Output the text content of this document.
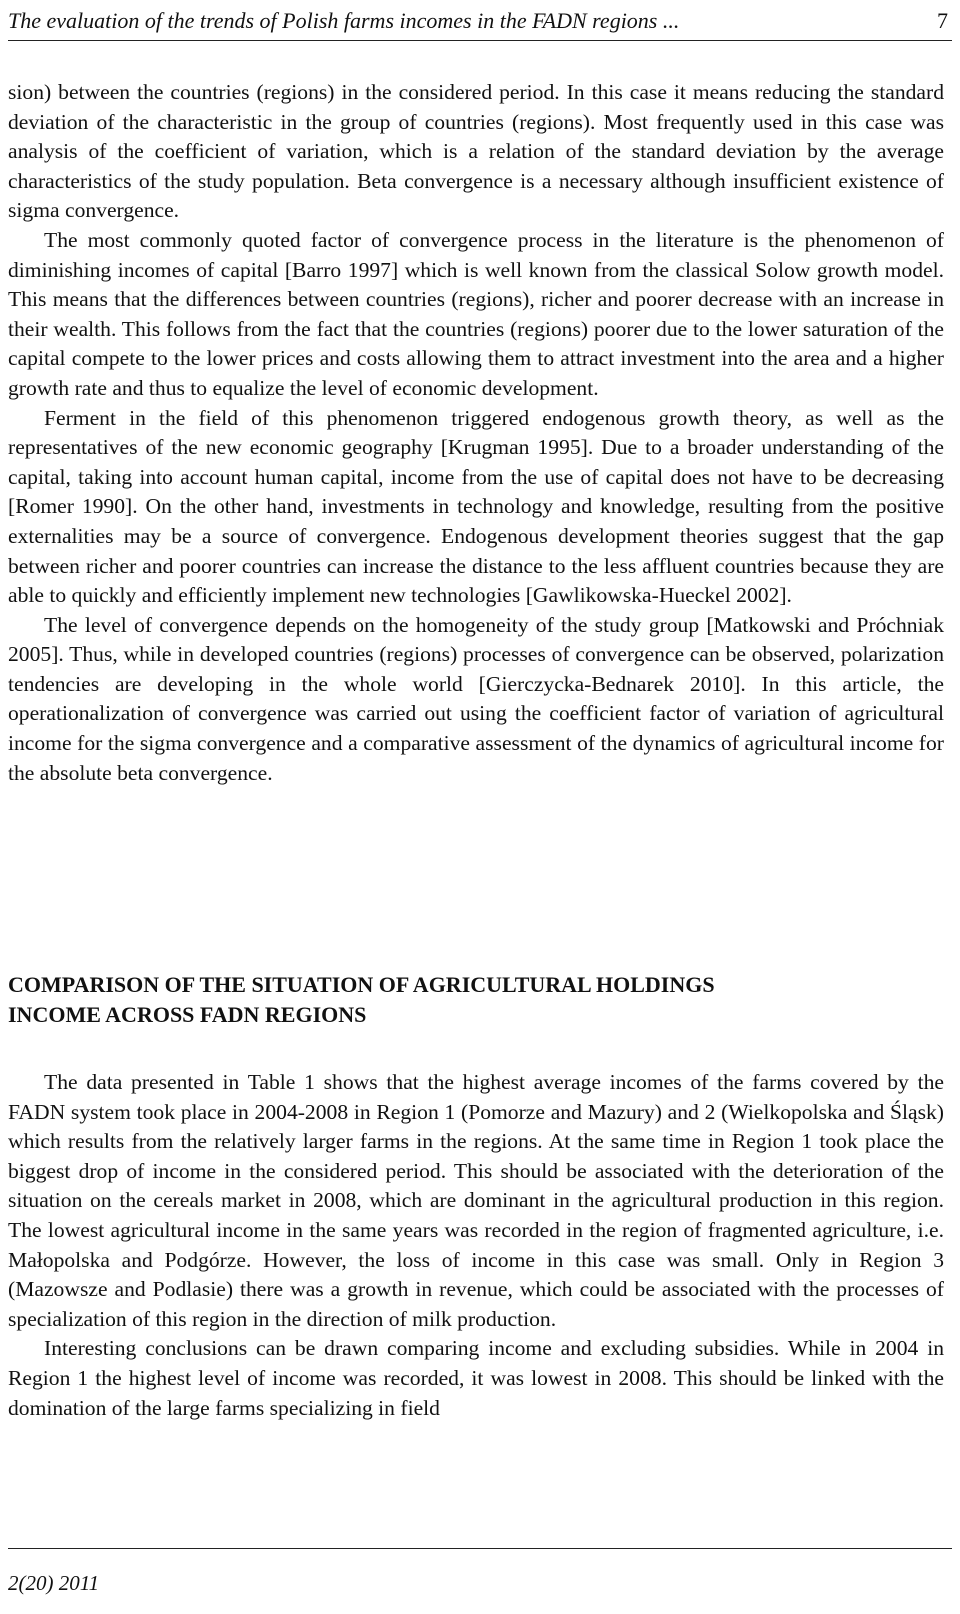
The evaluation of the trends of Polish farms incomes in the FADN regions ...	7

sion) between the countries (regions) in the considered period. In this case it means reducing the standard deviation of the characteristic in the group of countries (regions). Most frequently used in this case was analysis of the coefficient of variation, which is a relation of the standard deviation by the average characteristics of the study population. Beta convergence is a necessary although insufficient existence of sigma convergence.

The most commonly quoted factor of convergence process in the literature is the phenomenon of diminishing incomes of capital [Barro 1997] which is well known from the classical Solow growth model. This means that the differences between countries (regions), richer and poorer decrease with an increase in their wealth. This follows from the fact that the countries (regions) poorer due to the lower saturation of the capital compete to the lower prices and costs allowing them to attract investment into the area and a higher growth rate and thus to equalize the level of economic development.

Ferment in the field of this phenomenon triggered endogenous growth theory, as well as the representatives of the new economic geography [Krugman 1995]. Due to a broader understanding of the capital, taking into account human capital, income from the use of capital does not have to be decreasing [Romer 1990]. On the other hand, investments in technology and knowledge, resulting from the positive externalities may be a source of convergence. Endogenous development theories suggest that the gap between richer and poorer countries can increase the distance to the less affluent countries because they are able to quickly and efficiently implement new technologies [Gawlikowska-Hueckel 2002].

The level of convergence depends on the homogeneity of the study group [Matkowski and Próchniak 2005]. Thus, while in developed countries (regions) processes of convergence can be observed, polarization tendencies are developing in the whole world [Gierczycka-Bednarek 2010]. In this article, the operationalization of convergence was carried out using the coefficient factor of variation of agricultural income for the sigma convergence and a comparative assessment of the dynamics of agricultural income for the absolute beta convergence.

COMPARISON OF THE SITUATION OF AGRICULTURAL HOLDINGS
INCOME ACROSS FADN REGIONS

The data presented in Table 1 shows that the highest average incomes of the farms covered by the FADN system took place in 2004-2008 in Region 1 (Pomorze and Mazury) and 2 (Wielkopolska and Śląsk) which results from the relatively larger farms in the regions. At the same time in Region 1 took place the biggest drop of income in the considered period. This should be associated with the deterioration of the situation on the cereals market in 2008, which are dominant in the agricultural production in this region. The lowest agricultural income in the same years was recorded in the region of fragmented agriculture, i.e. Małopolska and Podgórze. However, the loss of income in this case was small. Only in Region 3 (Mazowsze and Podlasie) there was a growth in revenue, which could be associated with the processes of specialization of this region in the direction of milk production.

Interesting conclusions can be drawn comparing income and excluding subsidies. While in 2004 in Region 1 the highest level of income was recorded, it was lowest in 2008. This should be linked with the domination of the large farms specializing in field

2(20) 2011
